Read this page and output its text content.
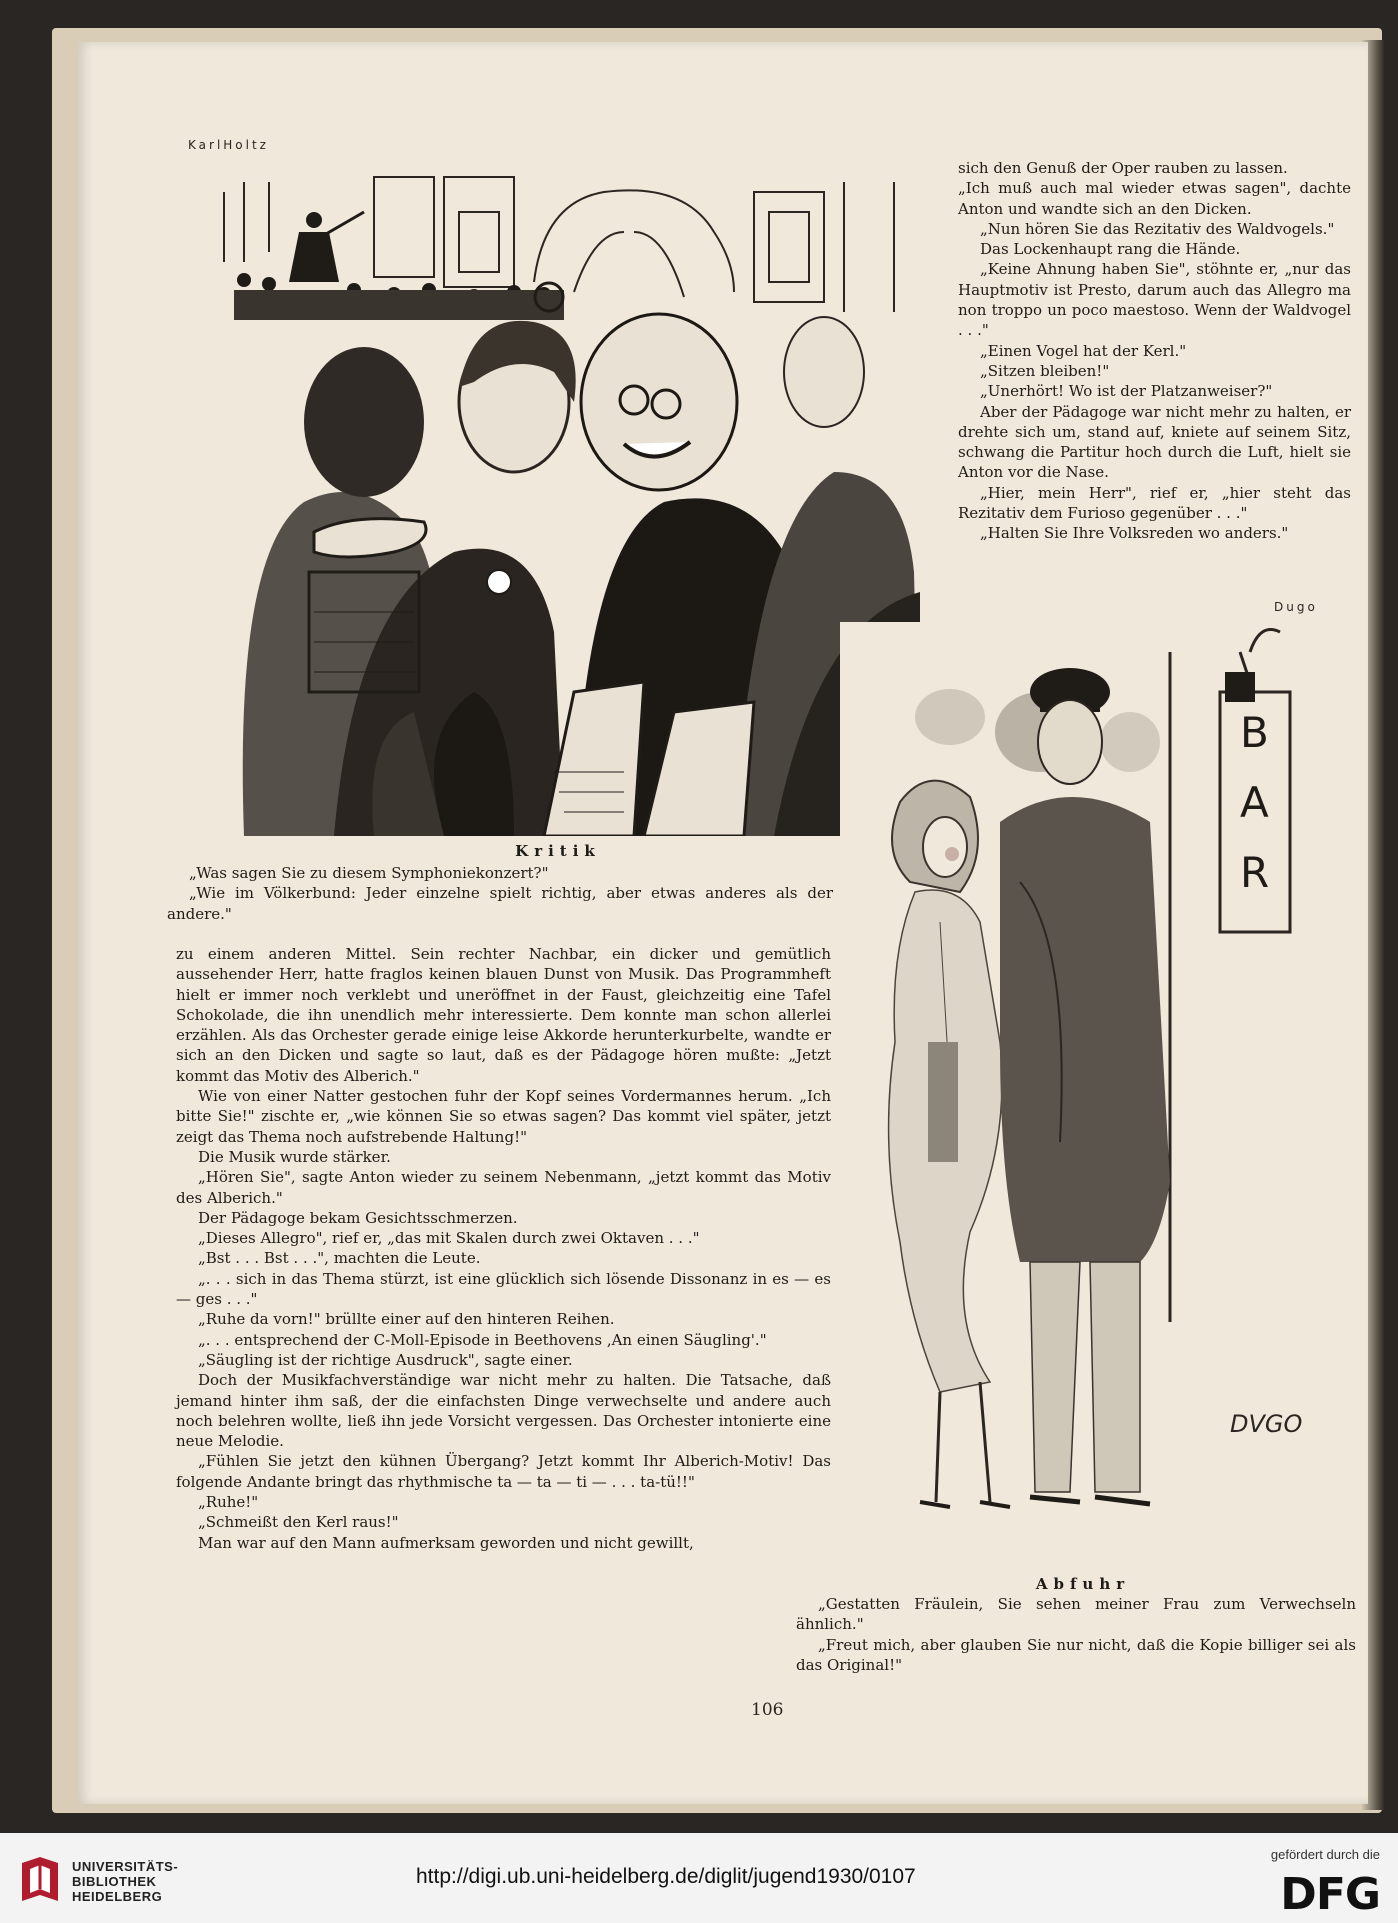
KarlHoltz
Kritik

„Was sagen Sie zu diesem Symphoniekonzert?"

„Wie im Völkerbund: Jeder einzelne spielt richtig, aber etwas anderes als der andere."

sich den Genuß der Oper rauben zu lassen.

„Ich muß auch mal wieder etwas sagen", dachte Anton und wandte sich an den Dicken.

„Nun hören Sie das Rezitativ des Waldvogels."

Das Lockenhaupt rang die Hände.

„Keine Ahnung haben Sie", stöhnte er, „nur das Hauptmotiv ist Presto, darum auch das Allegro ma non troppo un poco maestoso. Wenn der Waldvogel . . ."

„Einen Vogel hat der Kerl."

„Sitzen bleiben!"

„Unerhört! Wo ist der Platzanweiser?"

Aber der Pädagoge war nicht mehr zu halten, er drehte sich um, stand auf, kniete auf seinem Sitz, schwang die Partitur hoch durch die Luft, hielt sie Anton vor die Nase.

„Hier, mein Herr", rief er, „hier steht das Rezitativ dem Furioso gegenüber . . ."

„Halten Sie Ihre Volksreden wo anders."

Dugo
B
A
R
DVGO
Abfuhr

„Gestatten Fräulein, Sie sehen meiner Frau zum Verwechseln ähnlich."

„Freut mich, aber glauben Sie nur nicht, daß die Kopie billiger sei als das Original!"

zu einem anderen Mittel. Sein rechter Nachbar, ein dicker und gemütlich aussehender Herr, hatte fraglos keinen blauen Dunst von Musik. Das Programmheft hielt er immer noch verklebt und uneröffnet in der Faust, gleichzeitig eine Tafel Schokolade, die ihn unendlich mehr interessierte. Dem konnte man schon allerlei erzählen. Als das Orchester gerade einige leise Akkorde herunterkurbelte, wandte er sich an den Dicken und sagte so laut, daß es der Pädagoge hören mußte: „Jetzt kommt das Motiv des Alberich."

Wie von einer Natter gestochen fuhr der Kopf seines Vordermannes herum. „Ich bitte Sie!" zischte er, „wie können Sie so etwas sagen? Das kommt viel später, jetzt zeigt das Thema noch aufstrebende Haltung!"

Die Musik wurde stärker.

„Hören Sie", sagte Anton wieder zu seinem Nebenmann, „jetzt kommt das Motiv des Alberich."

Der Pädagoge bekam Gesichtsschmerzen.

„Dieses Allegro", rief er, „das mit Skalen durch zwei Oktaven . . ."

„Bst . . . Bst . . .", machten die Leute.

„. . . sich in das Thema stürzt, ist eine glücklich sich lösende Dissonanz in es — es — ges . . ."

„Ruhe da vorn!" brüllte einer auf den hinteren Reihen.

„. . . entsprechend der C-Moll-Episode in Beethovens ‚An einen Säugling'."

„Säugling ist der richtige Ausdruck", sagte einer.

Doch der Musikfachverständige war nicht mehr zu halten. Die Tatsache, daß jemand hinter ihm saß, der die einfachsten Dinge verwechselte und andere auch noch belehren wollte, ließ ihn jede Vorsicht vergessen. Das Orchester intonierte eine neue Melodie.

„Fühlen Sie jetzt den kühnen Übergang? Jetzt kommt Ihr Alberich-Motiv! Das folgende Andante bringt das rhythmische ta — ta — ti — . . . ta-tü!!"

„Ruhe!"

„Schmeißt den Kerl raus!"

Man war auf den Mann aufmerksam geworden und nicht gewillt,

106
UNIVERSITÄTS-
BIBLIOTHEK
HEIDELBERG
http://digi.ub.uni-heidelberg.de/diglit/jugend1930/0107
gefördert durch die
DFG
